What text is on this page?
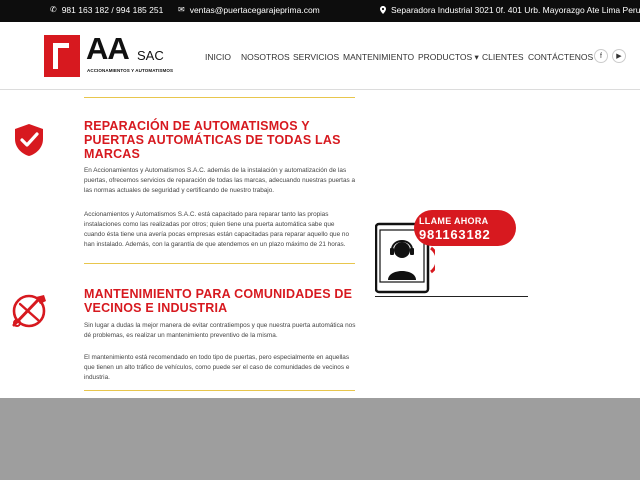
✆ 981 163 182 / 994 185 251 ✉ ventas@puertacegarajeprima.com	Separadora Industrial 3021 0f. 401 Urb. Mayorazgo Ate Lima Peru
AA SAC
ACCIONAMIENTOS Y AUTOMATISMOS
INICIO NOSOTROS SERVICIOS MANTENIMIENTO PRODUCTOS ▾ CLIENTES CONTÁCTENOS f	▶
REPARACIÓN DE AUTOMATISMOS Y PUERTAS AUTOMÁTICAS DE TODAS LAS MARCAS
En Accionamientos y Automatismos S.A.C. además de la instalación y automatización de las puertas, ofrecemos servicios de reparación de todas las marcas, adecuando nuestras puertas a las normas actuales de seguridad y certificando de nuestro trabajo.
Accionamientos y Automatismos S.A.C. está capacitado para reparar tanto las propias instalaciones como las realizadas por otros; quien tiene una puerta automática sabe que cuando ésta tiene una avería pocas empresas están capacitadas para reparar aquello que no han instalado. Además, con la garantía de que atendemos en un plazo máximo de 21 horas.
MANTENIMIENTO PARA COMUNIDADES DE VECINOS E INDUSTRIA
Sin lugar a dudas la mejor manera de evitar contratiempos y que nuestra puerta automática nos dé problemas, es realizar un mantenimiento preventivo de la misma.
El mantenimiento está recomendado en todo tipo de puertas, pero especialmente en aquellas que tienen un alto tráfico de vehículos, como puede ser el caso de comunidades de vecinos e industria.
LLAME AHORA
981163182
